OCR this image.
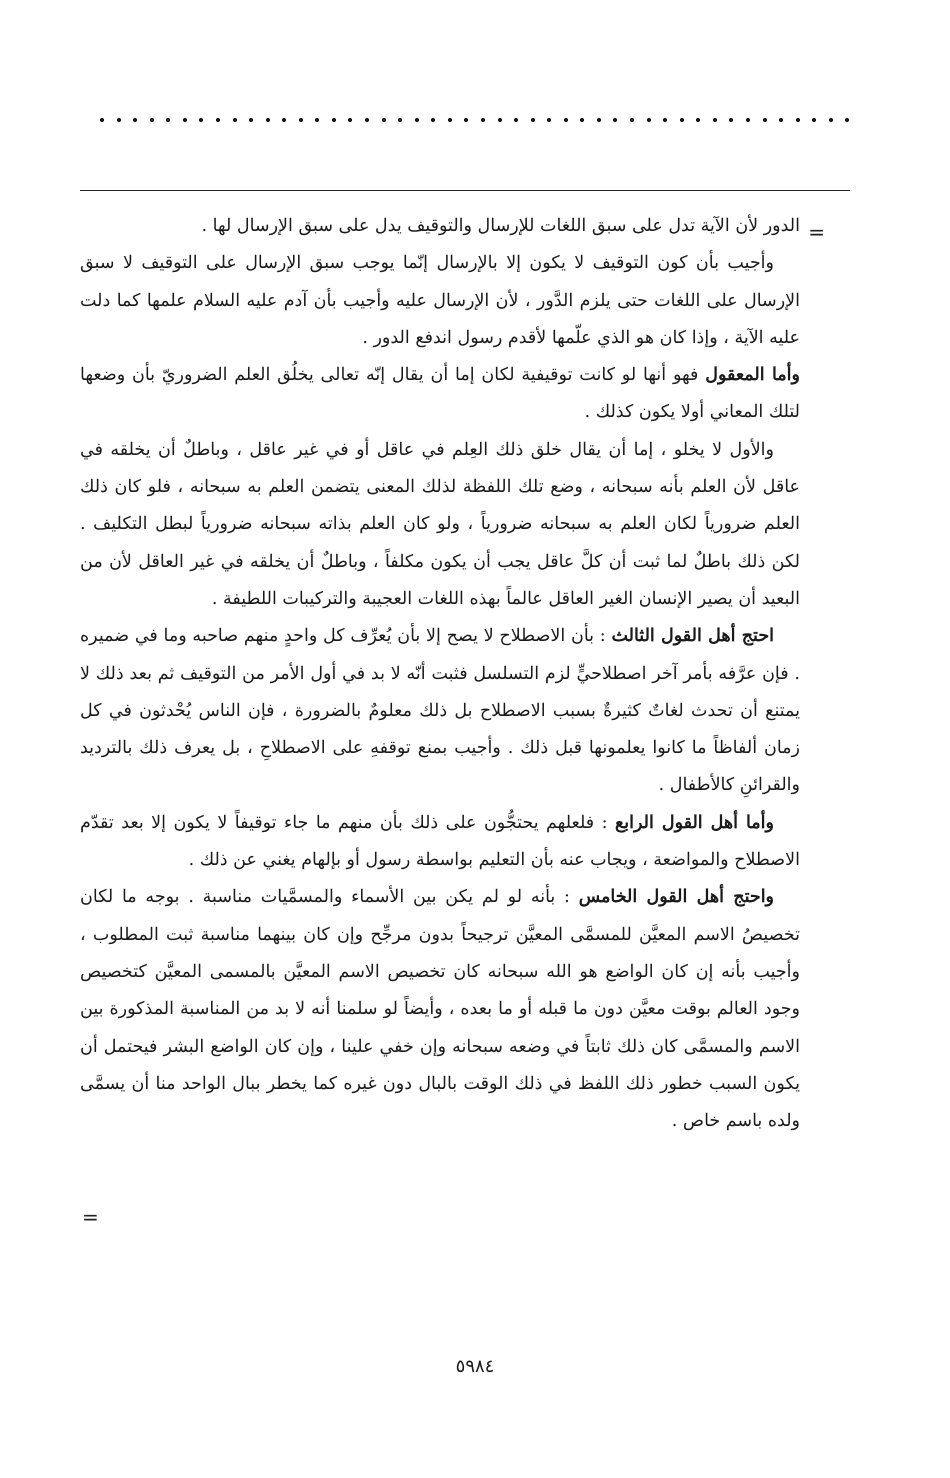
=

الدور لأن الآية تدل على سبق اللغات للإرسال والتوقيف يدل على سبق الإرسال لها .

وأجيب بأن كون التوقيف لا يكون إلا بالإرسال إنّما يوجب سبق الإرسال على التوقيف لا سبق الإرسال على اللغات حتى يلزم الدَّور ، لأن الإرسال عليه وأجيب بأن آدم عليه السلام علمها كما دلت عليه الآية ، وإذا كان هو الذي علّمها لأقدم رسول اندفع الدور .

وأما المعقول فهو أنها لو كانت توقيفية لكان إما أن يقال إنّه تعالى يخلُق العلم الضروريّ بأن وضعها لتلك المعاني أولا يكون كذلك .

والأول لا يخلو ، إما أن يقال خلق ذلك العِلم في عاقل أو في غير عاقل ، وباطلٌ أن يخلقه في عاقل لأن العلم بأنه سبحانه ، وضع تلك اللفظة لذلك المعنى يتضمن العلم به سبحانه ، فلو كان ذلك العلم ضرورياً لكان العلم به سبحانه ضرورياً ، ولو كان العلم بذاته سبحانه ضرورياً لبطل التكليف . لكن ذلك باطلٌ لما ثبت أن كلَّ عاقل يجب أن يكون مكلفاً ، وباطلٌ أن يخلقه في غير العاقل لأن من البعيد أن يصير الإنسان الغير العاقل عالماً بهذه اللغات العجيبة والتركيبات اللطيفة .

احتج أهل القول الثالث : بأن الاصطلاح لا يصح إلا بأن يُعرِّف كل واحدٍ منهم صاحبه وما في ضميره . فإن عرَّفه بأمر آخر اصطلاحيٍّ لزم التسلسل فثبت أنّه لا بد في أول الأمر من التوقيف ثم بعد ذلك لا يمتنع أن تحدث لغاتٌ كثيرةٌ بسبب الاصطلاح بل ذلك معلومٌ بالضرورة ، فإن الناس يُحْدثون في كل زمان ألفاظاً ما كانوا يعلمونها قبل ذلك . وأجيب بمنع توقفهِ على الاصطلاحِ ، بل يعرف ذلك بالترديد والقرائنِ كالأطفال .

وأما أهل القول الرابع : فلعلهم يحتجُّون على ذلك بأن منهم ما جاء توقيفاً لا يكون إلا بعد تقدّم الاصطلاح والمواضعة ، ويجاب عنه بأن التعليم بواسطة رسول أو بإلهام يغني عن ذلك .

واحتج أهل القول الخامس : بأنه لو لم يكن بين الأسماء والمسمَّيات مناسبة . بوجه ما لكان تخصيصُ الاسم المعيَّن للمسمَّى المعيَّن ترجيحاً بدون مرجِّح وإن كان بينهما مناسبة ثبت المطلوب ، وأجيب بأنه إن كان الواضع هو الله سبحانه كان تخصيص الاسم المعيَّن بالمسمى المعيَّن كتخصيص وجود العالم بوقت معيَّن دون ما قبله أو ما بعده ، وأيضاً لو سلمنا أنه لا بد من المناسبة المذكورة بين الاسم والمسمَّى كان ذلك ثابتاً في وضعه سبحانه وإن خفي علينا ، وإن كان الواضع البشر فيحتمل أن يكون السبب خطور ذلك اللفظ في ذلك الوقت بالبال دون غيره كما يخطر ببال الواحد منا أن يسمَّى ولده باسم خاص .

=
٥٩٨٤
